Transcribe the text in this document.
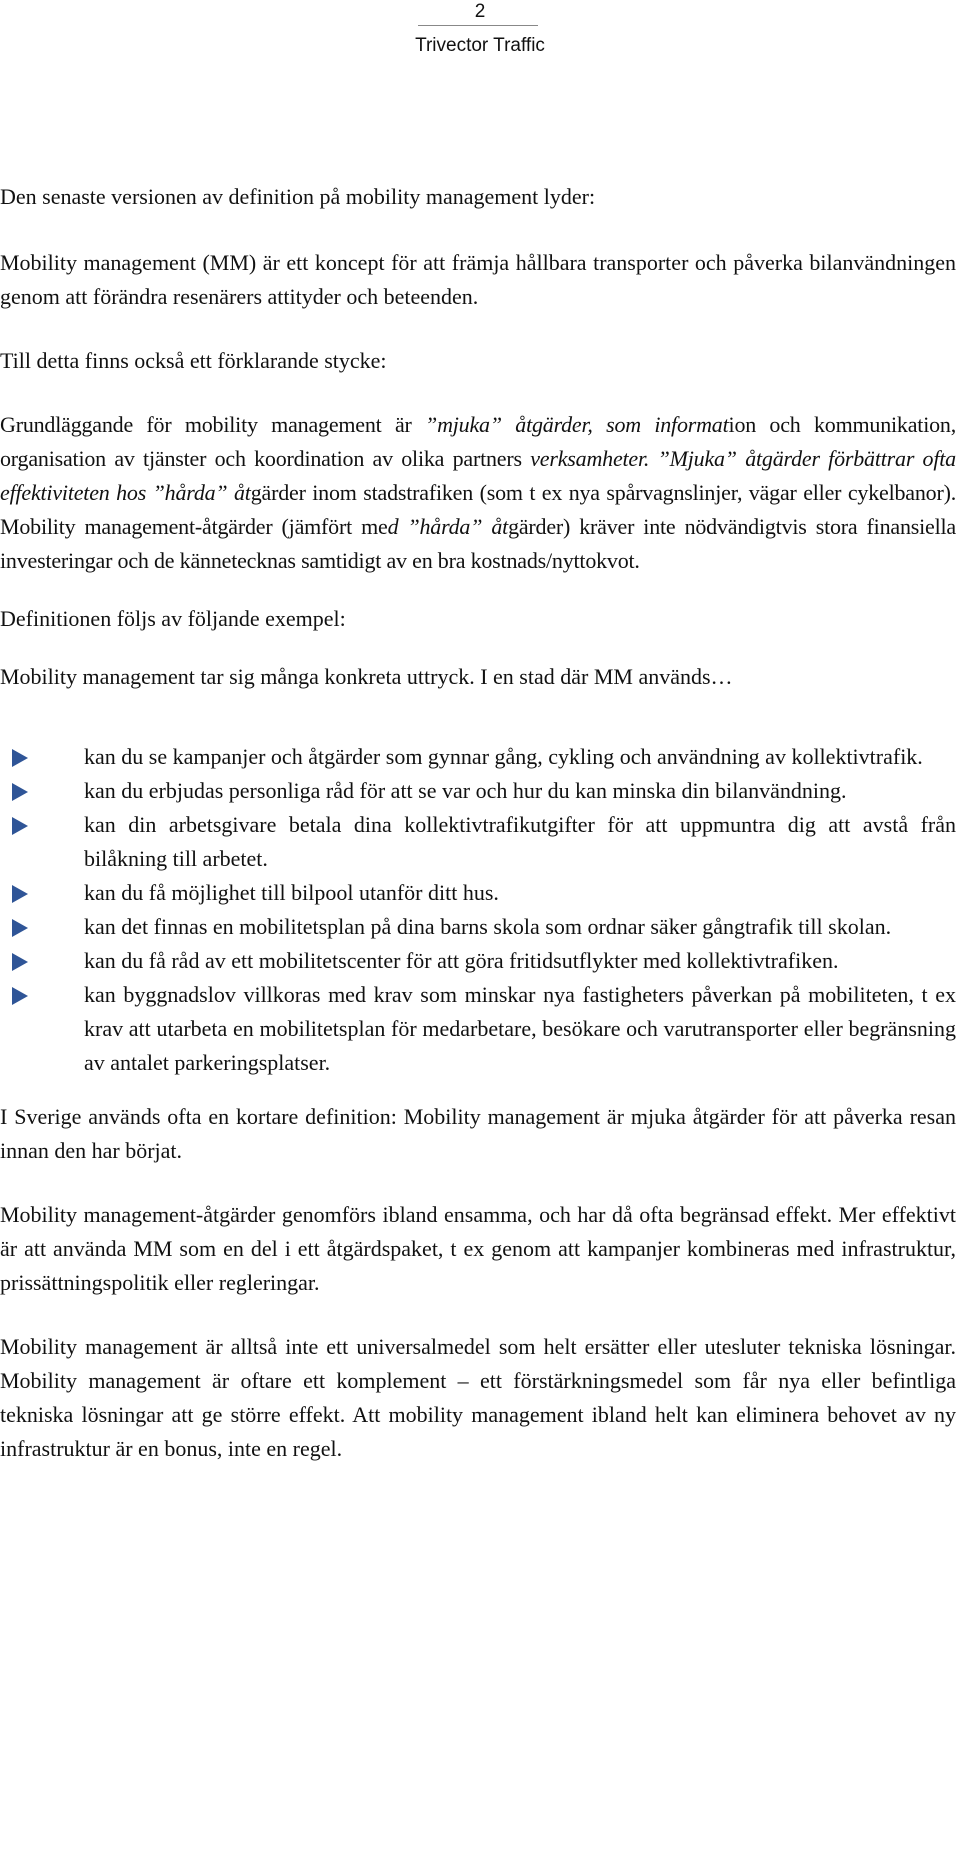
2
Trivector Traffic

Den senaste versionen av definition på mobility management lyder:

Mobility management (MM) är ett koncept för att främja hållbara transporter och påverka bilanvändningen genom att förändra resenärers attityder och beteenden.

Till detta finns också ett förklarande stycke:

Grundläggande för mobility management är ”mjuka” åtgärder, som information och kommunikation, organisation av tjänster och koordination av olika partners verksamheter. ”Mjuka” åtgärder förbättrar ofta effektiviteten hos ”hårda” åtgärder inom stadstrafiken (som t ex nya spårvagnslinjer, vägar eller cykelbanor). Mobility management-åtgärder (jämfört med ”hårda” åtgärder) kräver inte nödvändigtvis stora finansiella investeringar och de kännetecknas samtidigt av en bra kostnads/nyttokvot.

Definitionen följs av följande exempel:

Mobility management tar sig många konkreta uttryck. I en stad där MM används…

kan du se kampanjer och åtgärder som gynnar gång, cykling och användning av kollektivtrafik.
kan du erbjudas personliga råd för att se var och hur du kan minska din bilanvändning.
kan din arbetsgivare betala dina kollektivtrafikutgifter för att uppmuntra dig att avstå från bilåkning till arbetet.
kan du få möjlighet till bilpool utanför ditt hus.
kan det finnas en mobilitetsplan på dina barns skola som ordnar säker gångtrafik till skolan.
kan du få råd av ett mobilitetscenter för att göra fritidsutflykter med kollektivtrafiken.
kan byggnadslov villkoras med krav som minskar nya fastigheters påverkan på mobiliteten, t ex krav att utarbeta en mobilitetsplan för medarbetare, besökare och varutransporter eller begränsning av antalet parkeringsplatser.

I Sverige används ofta en kortare definition: Mobility management är mjuka åtgärder för att påverka resan innan den har börjat.

Mobility management-åtgärder genomförs ibland ensamma, och har då ofta begränsad effekt. Mer effektivt är att använda MM som en del i ett åtgärdspaket, t ex genom att kampanjer kombineras med infrastruktur, prissättningspolitik eller regleringar.

Mobility management är alltså inte ett universalmedel som helt ersätter eller utesluter tekniska lösningar. Mobility management är oftare ett komplement – ett förstärkningsmedel som får nya eller befintliga tekniska lösningar att ge större effekt. Att mobility management ibland helt kan eliminera behovet av ny infrastruktur är en bonus, inte en regel.
